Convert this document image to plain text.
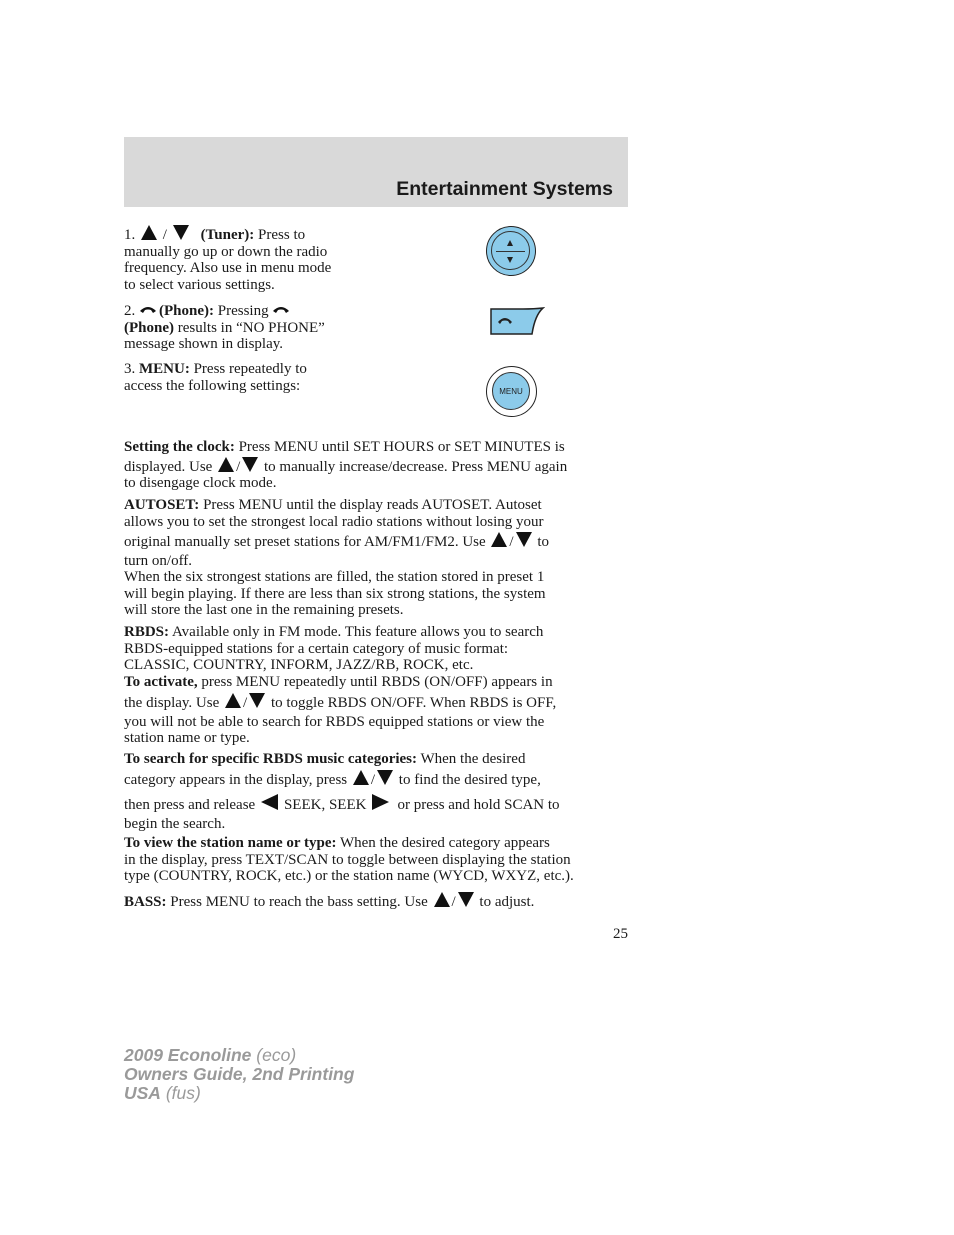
Entertainment Systems
1. / (Tuner): Press to
manually go up or down the radio
frequency. Also use in menu mode
to select various settings.
2. (Phone): Pressing
(Phone) results in “NO PHONE”
message shown in display.
3. MENU: Press repeatedly to
access the following settings:	MENU
Setting the clock: Press MENU until SET HOURS or SET MINUTES is
displayed. Use / to manually increase/decrease. Press MENU again
to disengage clock mode.
AUTOSET: Press MENU until the display reads AUTOSET. Autoset
allows you to set the strongest local radio stations without losing your
original manually set preset stations for AM/FM1/FM2. Use / to
turn on/off.
When the six strongest stations are filled, the station stored in preset 1
will begin playing. If there are less than six strong stations, the system
will store the last one in the remaining presets.
RBDS: Available only in FM mode. This feature allows you to search
RBDS-equipped stations for a certain category of music format:
CLASSIC, COUNTRY, INFORM, JAZZ/RB, ROCK, etc.
To activate, press MENU repeatedly until RBDS (ON/OFF) appears in
the display. Use / to toggle RBDS ON/OFF. When RBDS is OFF,
you will not be able to search for RBDS equipped stations or view the
station name or type.
To search for specific RBDS music categories: When the desired
category appears in the display, press / to find the desired type,
then press and release SEEK, SEEK or press and hold SCAN to
begin the search.
To view the station name or type: When the desired category appears
in the display, press TEXT/SCAN to toggle between displaying the station
type (COUNTRY, ROCK, etc.) or the station name (WYCD, WXYZ, etc.).
BASS: Press MENU to reach the bass setting. Use / to adjust.
25
2009 Econoline (eco)
Owners Guide, 2nd Printing
USA (fus)
